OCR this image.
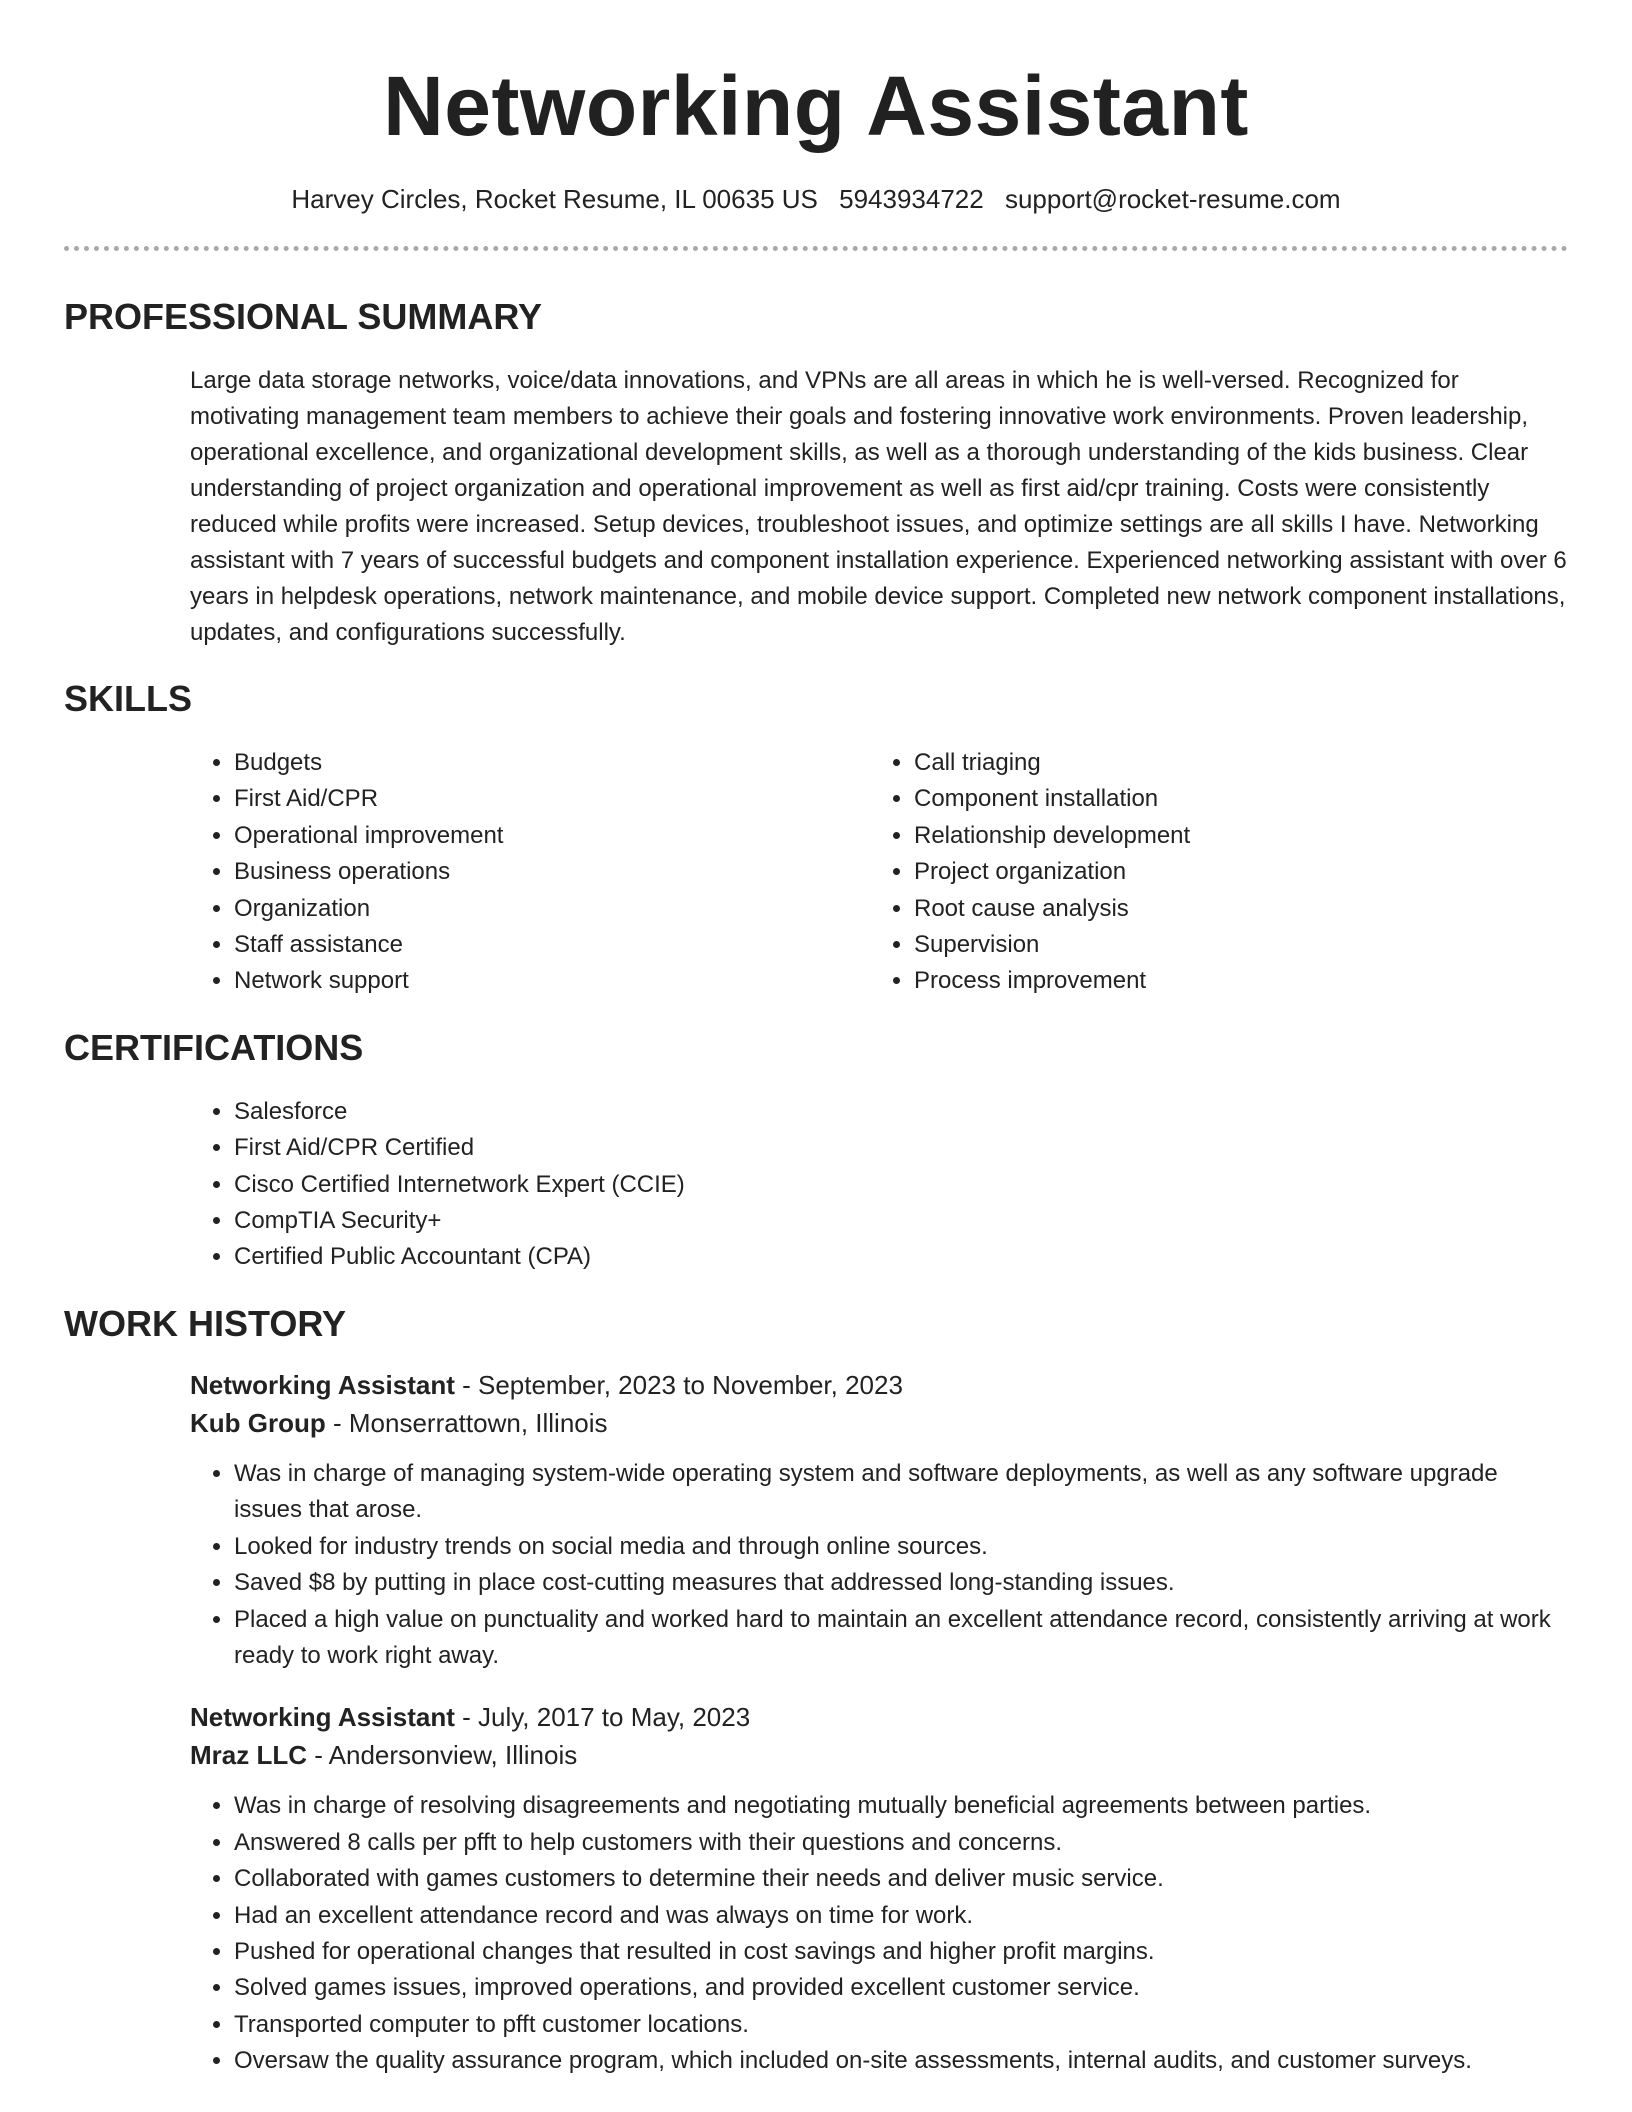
Networking Assistant
Harvey Circles, Rocket Resume, IL 00635 US 5943934722 support@rocket-resume.com
PROFESSIONAL SUMMARY

Large data storage networks, voice/data innovations, and VPNs are all areas in which he is well-versed. Recognized for motivating management team members to achieve their goals and fostering innovative work environments. Proven leadership, operational excellence, and organizational development skills, as well as a thorough understanding of the kids business. Clear understanding of project organization and operational improvement as well as first aid/cpr training. Costs were consistently reduced while profits were increased. Setup devices, troubleshoot issues, and optimize settings are all skills I have. Networking assistant with 7 years of successful budgets and component installation experience. Experienced networking assistant with over 6 years in helpdesk operations, network maintenance, and mobile device support. Completed new network component installations, updates, and configurations successfully.

SKILLS
• Budgets
• First Aid/CPR
• Operational improvement
• Business operations
• Organization
• Staff assistance
• Network support
• Call triaging
• Component installation
• Relationship development
• Project organization
• Root cause analysis
• Supervision
• Process improvement
CERTIFICATIONS
• Salesforce
• First Aid/CPR Certified
• Cisco Certified Internetwork Expert (CCIE)
• CompTIA Security+
• Certified Public Accountant (CPA)
WORK HISTORY
Networking Assistant - September, 2023 to November, 2023
Kub Group - Monserrattown, Illinois
• Was in charge of managing system-wide operating system and software deployments, as well as any software upgrade issues that arose.
• Looked for industry trends on social media and through online sources.
• Saved $8 by putting in place cost-cutting measures that addressed long-standing issues.
• Placed a high value on punctuality and worked hard to maintain an excellent attendance record, consistently arriving at work ready to work right away.
Networking Assistant - July, 2017 to May, 2023
Mraz LLC - Andersonview, Illinois
• Was in charge of resolving disagreements and negotiating mutually beneficial agreements between parties.
• Answered 8 calls per pfft to help customers with their questions and concerns.
• Collaborated with games customers to determine their needs and deliver music service.
• Had an excellent attendance record and was always on time for work.
• Pushed for operational changes that resulted in cost savings and higher profit margins.
• Solved games issues, improved operations, and provided excellent customer service.
• Transported computer to pfft customer locations.
• Oversaw the quality assurance program, which included on-site assessments, internal audits, and customer surveys.
